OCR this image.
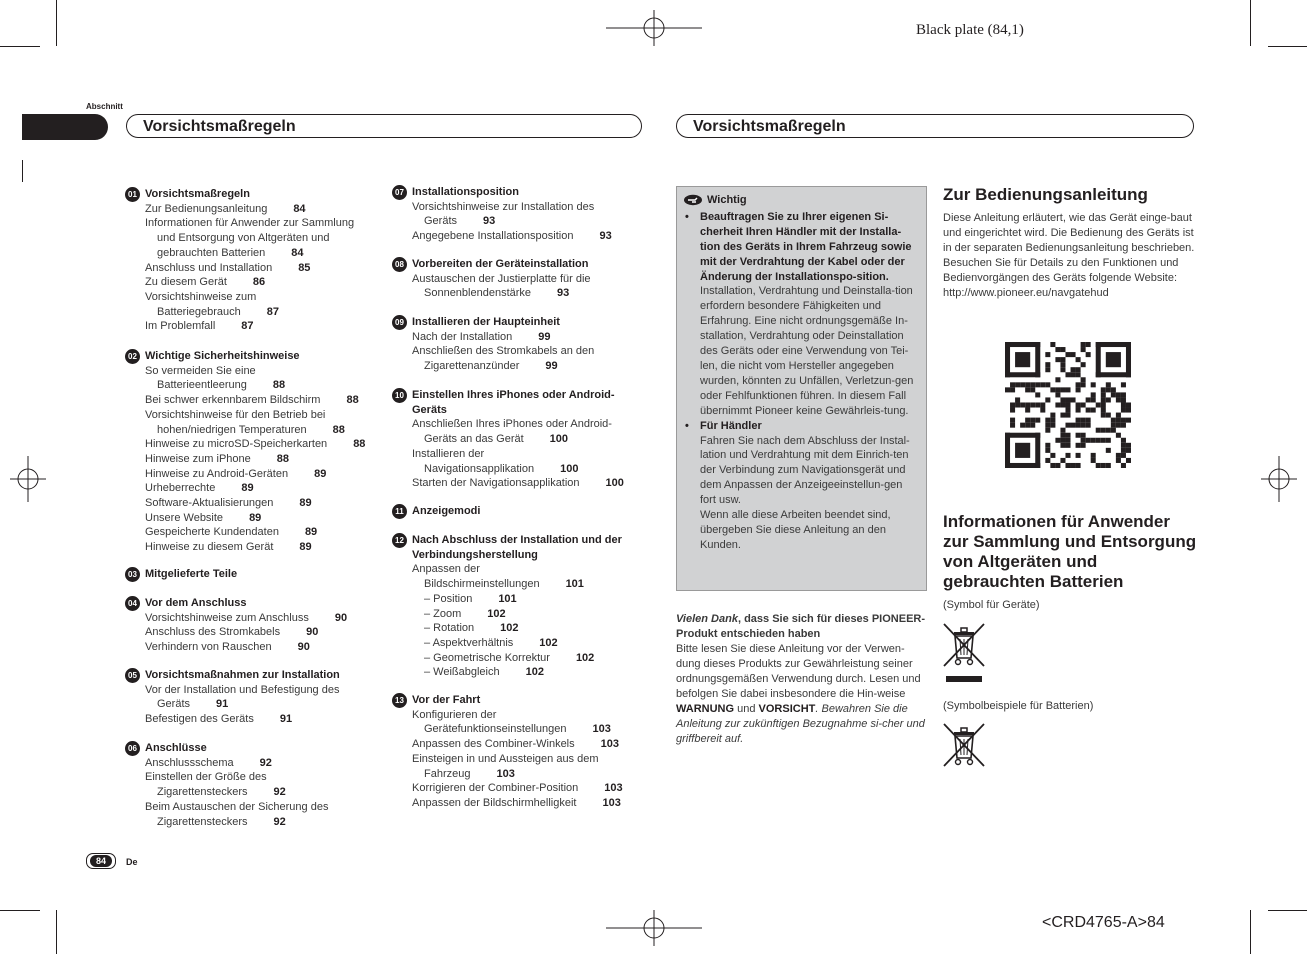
Black plate (84,1)
Abschnitt
Vorsichtsmaßregeln	Vorsichtsmaßregeln
01 Vorsichtsmaßregeln
Zur Bedienungsanleitung 84
Informationen für Anwender zur Sammlung
und Entsorgung von Altgeräten und
gebrauchten Batterien 84
Anschluss und Installation 85
Zu diesem Gerät 86
Vorsichtshinweise zum
Batteriegebrauch 87
Im Problemfall 87
02 Wichtige Sicherheitshinweise
So vermeiden Sie eine
Batterieentleerung 88
Bei schwer erkennbarem Bildschirm 88
Vorsichtshinweise für den Betrieb bei
hohen/niedrigen Temperaturen 88
Hinweise zu microSD-Speicherkarten 88
Hinweise zum iPhone 88
Hinweise zu Android-Geräten 89
Urheberrechte 89
Software-Aktualisierungen 89
Unsere Website 89
Gespeicherte Kundendaten 89
Hinweise zu diesem Gerät 89
03 Mitgelieferte Teile
04 Vor dem Anschluss
Vorsichtshinweise zum Anschluss 90
Anschluss des Stromkabels 90
Verhindern von Rauschen 90
05 Vorsichtsmaßnahmen zur Installation
Vor der Installation und Befestigung des
Geräts 91
Befestigen des Geräts 91
06 Anschlüsse
Anschlussschema 92
Einstellen der Größe des
Zigarettensteckers 92
Beim Austauschen der Sicherung des
Zigarettensteckers 92
07 Installationsposition
Vorsichtshinweise zur Installation des
Geräts 93
Angegebene Installationsposition 93
08 Vorbereiten der Geräteinstallation
Austauschen der Justierplatte für die
Sonnenblendenstärke 93
09 Installieren der Haupteinheit
Nach der Installation 99
Anschließen des Stromkabels an den
Zigarettenanzünder 99
10 Einstellen Ihres iPhones oder Android-
Geräts
Anschließen Ihres iPhones oder Android-
Geräts an das Gerät 100
Installieren der
Navigationsapplikation 100
Starten der Navigationsapplikation 100
11 Anzeigemodi
12 Nach Abschluss der Installation und der
Verbindungsherstellung
Anpassen der
Bildschirmeinstellungen 101
– Position 101
– Zoom 102
– Rotation 102
– Aspektverhältnis 102
– Geometrische Korrektur 102
– Weißabgleich 102
13 Vor der Fahrt
Konfigurieren der
Gerätefunktionseinstellungen 103
Anpassen des Combiner-Winkels 103
Einsteigen in und Aussteigen aus dem
Fahrzeug 103
Korrigieren der Combiner-Position 103
Anpassen der Bildschirmhelligkeit 103
Wichtig
• Beauftragen Sie zu Ihrer eigenen Si-cherheit Ihren Händler mit der Installa-tion des Geräts in Ihrem Fahrzeug sowie mit der Verdrahtung der Kabel oder der Änderung der Installationspo-sition.
Installation, Verdrahtung und Deinstalla-tion erfordern besondere Fähigkeiten und Erfahrung. Eine nicht ordnungsgemäße In-stallation, Verdrahtung oder Deinstallation des Geräts oder eine Verwendung von Tei-len, die nicht vom Hersteller angegeben wurden, könnten zu Unfällen, Verletzun-gen oder Fehlfunktionen führen. In diesem Fall übernimmt Pioneer keine Gewährleis-tung.
• Für Händler
Fahren Sie nach dem Abschluss der Instal-lation und Verdrahtung mit dem Einrich-ten der Verbindung zum Navigationsgerät und dem Anpassen der Anzeigeeinstellun-gen fort usw.
Wenn alle diese Arbeiten beendet sind, übergeben Sie diese Anleitung an den Kunden.
Vielen Dank, dass Sie sich für dieses PIONEER-Produkt entschieden haben
Bitte lesen Sie diese Anleitung vor der Verwen-dung dieses Produkts zur Gewährleistung seiner ordnungsgemäßen Verwendung durch. Lesen und befolgen Sie dabei insbesondere die Hin-weise WARNUNG und VORSICHT. Bewahren Sie die Anleitung zur zukünftigen Bezugnahme si-cher und griffbereit auf.
Zur Bedienungsanleitung
Diese Anleitung erläutert, wie das Gerät einge-baut und eingerichtet wird. Die Bedienung des Geräts ist in der separaten Bedienungsanleitung beschrieben.
Besuchen Sie für Details zu den Funktionen und Bedienvorgängen des Geräts folgende Website:
http://www.pioneer.eu/navgatehud
Informationen für Anwender zur Sammlung und Entsorgung von Altgeräten und gebrauchten Batterien
(Symbol für Geräte)
(Symbolbeispiele für Batterien)
84	De
<CRD4765-A>84
